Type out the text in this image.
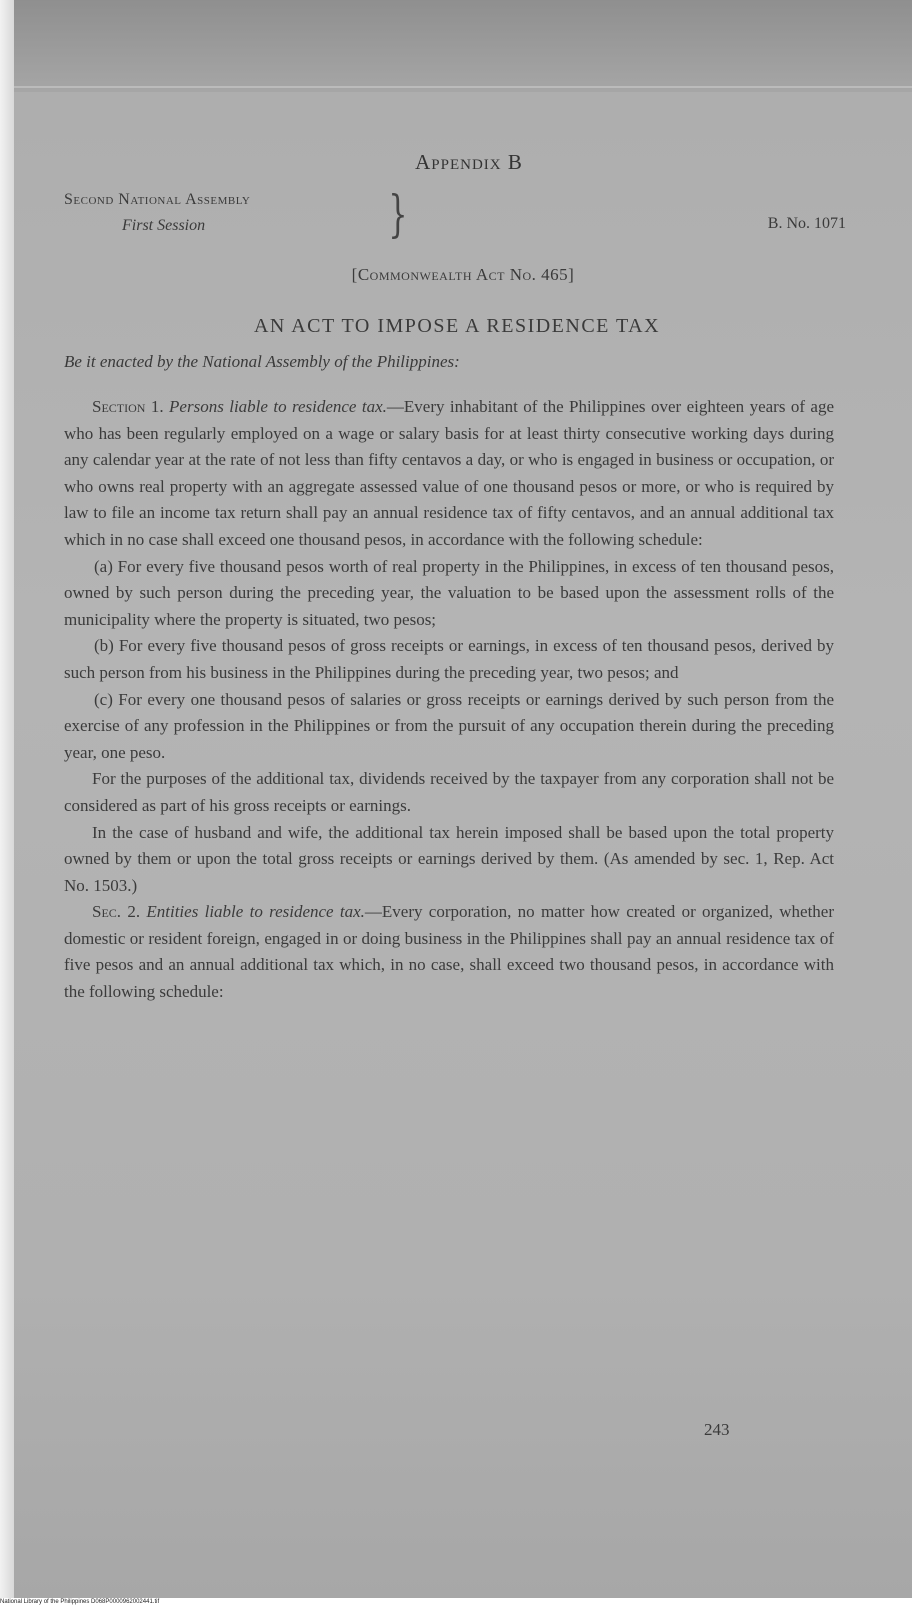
Appendix B
Second National Assembly
First Session	}	B. No. 1071
[Commonwealth Act No. 465]
AN ACT TO IMPOSE A RESIDENCE TAX
Be it enacted by the National Assembly of the Philippines:

Section 1. Persons liable to residence tax.—Every inhabitant of the Philippines over eighteen years of age who has been regularly employed on a wage or salary basis for at least thirty consecutive working days during any calendar year at the rate of not less than fifty centavos a day, or who is engaged in business or occupation, or who owns real property with an aggregate assessed value of one thousand pesos or more, or who is required by law to file an income tax return shall pay an annual residence tax of fifty centavos, and an annual additional tax which in no case shall exceed one thousand pesos, in accordance with the following schedule:

(a) For every five thousand pesos worth of real property in the Philippines, in excess of ten thousand pesos, owned by such person during the preceding year, the valuation to be based upon the assessment rolls of the municipality where the property is situated, two pesos;

(b) For every five thousand pesos of gross receipts or earnings, in excess of ten thousand pesos, derived by such person from his business in the Philippines during the preceding year, two pesos; and

(c) For every one thousand pesos of salaries or gross receipts or earnings derived by such person from the exercise of any profession in the Philippines or from the pursuit of any occupation therein during the preceding year, one peso.

For the purposes of the additional tax, dividends received by the taxpayer from any corporation shall not be considered as part of his gross receipts or earnings.

In the case of husband and wife, the additional tax herein imposed shall be based upon the total property owned by them or upon the total gross receipts or earnings derived by them. (As amended by sec. 1, Rep. Act No. 1503.)

Sec. 2. Entities liable to residence tax.—Every corporation, no matter how created or organized, whether domestic or resident foreign, engaged in or doing business in the Philippines shall pay an annual residence tax of five pesos and an annual additional tax which, in no case, shall exceed two thousand pesos, in accordance with the following schedule:

243
National Library of the Philippines D068P0000962002441.tif
